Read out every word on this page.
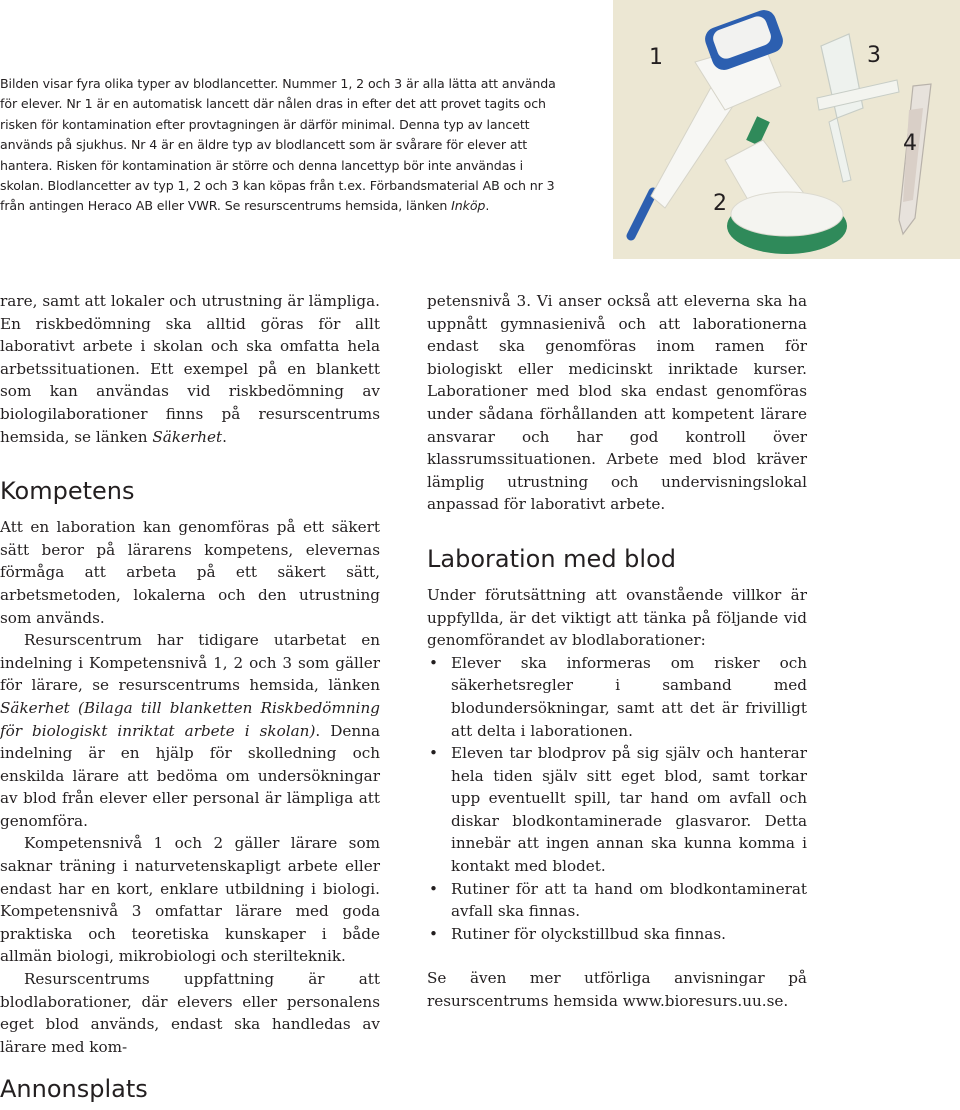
Bilden visar fyra olika typer av blodlancetter. Nummer 1, 2 och 3 är alla lätta att använda för elever. Nr 1 är en automatisk lancett där nålen dras in efter det att provet tagits och risken för kontamination efter provtagningen är därför minimal. Denna typ av lancett används på sjukhus. Nr 4 är en äldre typ av blodlancett som är svårare för elever att hantera. Risken för kontamination är större och denna lancettyp bör inte användas i skolan. Blodlancetter av typ 1, 2 och 3 kan köpas från t.ex. Förbandsmaterial AB och nr 3 från antingen Heraco AB eller VWR. Se resurscentrums hemsida, länken Inköp.

1
2
3
4

rare, samt att lokaler och utrustning är lämpliga. En riskbedömning ska alltid göras för allt laborativt arbete i skolan och ska omfatta hela arbetssituationen. Ett exempel på en blankett som kan användas vid riskbedömning av biologilaborationer finns på resurscentrums hemsida, se länken Säkerhet.

Kompetens

Att en laboration kan genomföras på ett säkert sätt beror på lärarens kompetens, elevernas förmåga att arbeta på ett säkert sätt, arbetsmetoden, lokalerna och den utrustning som används.

Resurscentrum har tidigare utarbetat en indelning i Kompetensnivå 1, 2 och 3 som gäller för lärare, se resurscentrums hemsida, länken Säkerhet (Bilaga till blanketten Riskbedömning för biologiskt inriktat arbete i skolan). Denna indelning är en hjälp för skolledning och enskilda lärare att bedöma om undersökningar av blod från elever eller personal är lämpliga att genomföra.

Kompetensnivå 1 och 2 gäller lärare som saknar träning i naturvetenskapligt arbete eller endast har en kort, enklare utbildning i biologi. Kompetensnivå 3 omfattar lärare med goda praktiska och teoretiska kunskaper i både allmän biologi, mikrobiologi och sterilteknik.

Resurscentrums uppfattning är att blodlaborationer, där elevers eller personalens eget blod används, endast ska handledas av lärare med kom-

petensnivå 3. Vi anser också att eleverna ska ha uppnått gymnasienivå och att laborationerna endast ska genomföras inom ramen för biologiskt eller medicinskt inriktade kurser. Laborationer med blod ska endast genomföras under sådana förhållanden att kompetent lärare ansvarar och har god kontroll över klassrumssituationen. Arbete med blod kräver lämplig utrustning och undervisningslokal anpassad för laborativt arbete.

Laboration med blod

Under förutsättning att ovanstående villkor är uppfyllda, är det viktigt att tänka på följande vid genomförandet av blodlaborationer:

• Elever ska informeras om risker och säkerhetsregler i samband med blodundersökningar, samt att det är frivilligt att delta i laborationen.
• Eleven tar blodprov på sig själv och hanterar hela tiden själv sitt eget blod, samt torkar upp eventuellt spill, tar hand om avfall och diskar blodkontaminerade glasvaror. Detta innebär att ingen annan ska kunna komma i kontakt med blodet.
• Rutiner för att ta hand om blodkontaminerat avfall ska finnas.
• Rutiner för olyckstillbud ska finnas.

Se även mer utförliga anvisningar på resurscentrums hemsida www.bioresurs.uu.se.

Annonsplats
